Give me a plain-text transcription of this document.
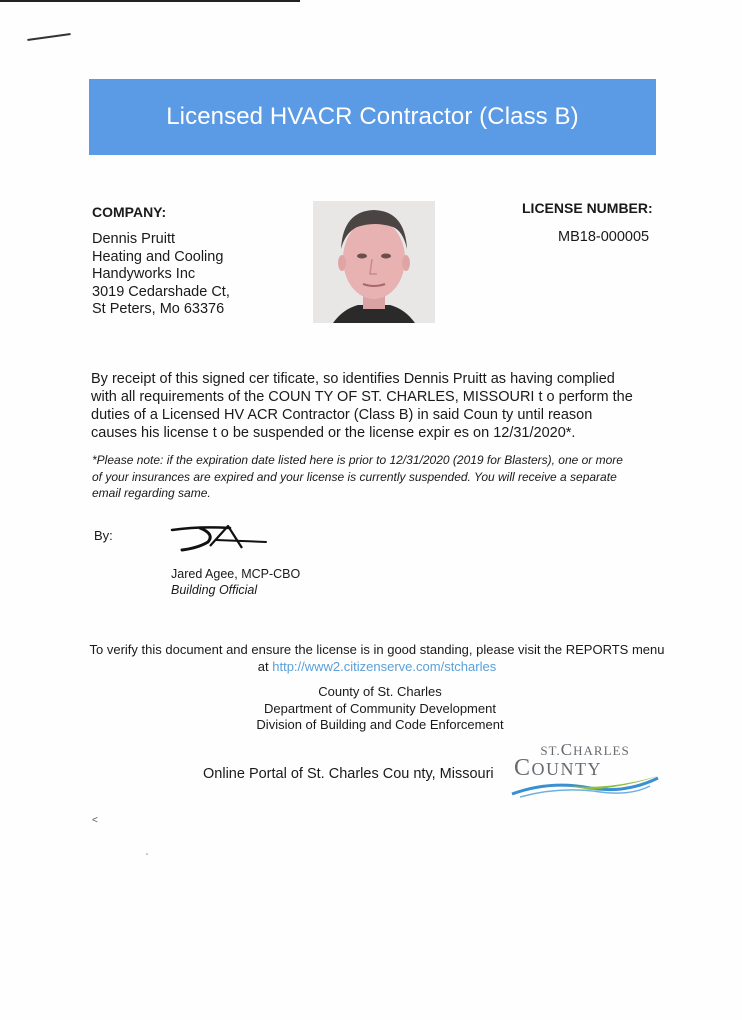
Licensed HVACR Contractor (Class B)
COMPANY:
Dennis Pruitt
Heating and Cooling
Handyworks Inc
3019 Cedarshade Ct,
St Peters, Mo 63376
LICENSE NUMBER:
MB18-000005
By receipt of this signed cer tificate, so identifies Dennis Pruitt as having complied
with all requirements of the COUN TY OF ST. CHARLES, MISSOURI t o perform the
duties of a Licensed HV ACR Contractor (Class B) in said Coun ty until reason
causes his license t o be suspended or the license expir es on 12/31/2020*.
*Please note: if the expiration date listed here is prior to 12/31/2020 (2019 for Blasters), one or more
of your insurances are expired and your license is currently suspended. You will receive a separate
email regarding same.
By:
Jared Agee, MCP-CBO
Building Official
To verify this document and ensure the license is in good standing, please visit the REPORTS menu
at http://www2.citizenserve.com/stcharles
County of St. Charles
Department of Community Development
Division of Building and Code Enforcement
Online Portal of St. Charles Cou nty, Missouri
ST.CHARLES
COUNTY
<
